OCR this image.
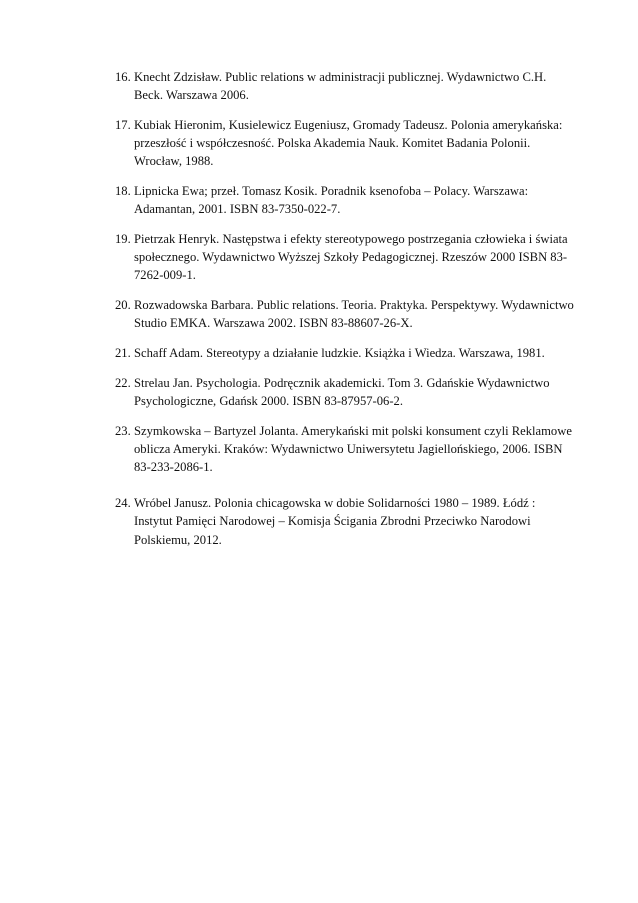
16. Knecht Zdzisław. Public relations w administracji publicznej. Wydawnictwo C.H. Beck. Warszawa 2006.
17. Kubiak Hieronim, Kusielewicz Eugeniusz, Gromady Tadeusz. Polonia amerykańska: przeszłość i współczesność. Polska Akademia Nauk. Komitet Badania Polonii. Wrocław, 1988.
18. Lipnicka Ewa; przeł. Tomasz Kosik. Poradnik ksenofoba – Polacy. Warszawa: Adamantan, 2001. ISBN 83-7350-022-7.
19. Pietrzak Henryk. Następstwa i efekty stereotypowego postrzegania człowieka i świata społecznego. Wydawnictwo Wyższej Szkoły Pedagogicznej. Rzeszów 2000 ISBN 83-7262-009-1.
20. Rozwadowska Barbara. Public relations. Teoria. Praktyka. Perspektywy. Wydawnictwo Studio EMKA. Warszawa 2002. ISBN 83-88607-26-X.
21. Schaff Adam. Stereotypy a działanie ludzkie. Książka i Wiedza. Warszawa, 1981.
22. Strelau Jan. Psychologia. Podręcznik akademicki. Tom 3. Gdańskie Wydawnictwo Psychologiczne, Gdańsk 2000. ISBN 83-87957-06-2.
23. Szymkowska – Bartyzel Jolanta. Amerykański mit polski konsument czyli Reklamowe oblicza Ameryki. Kraków: Wydawnictwo Uniwersytetu Jagiellońskiego, 2006. ISBN 83-233-2086-1.
24. Wróbel Janusz. Polonia chicagowska w dobie Solidarności 1980 – 1989. Łódź : Instytut Pamięci Narodowej – Komisja Ścigania Zbrodni Przeciwko Narodowi Polskiemu, 2012.
